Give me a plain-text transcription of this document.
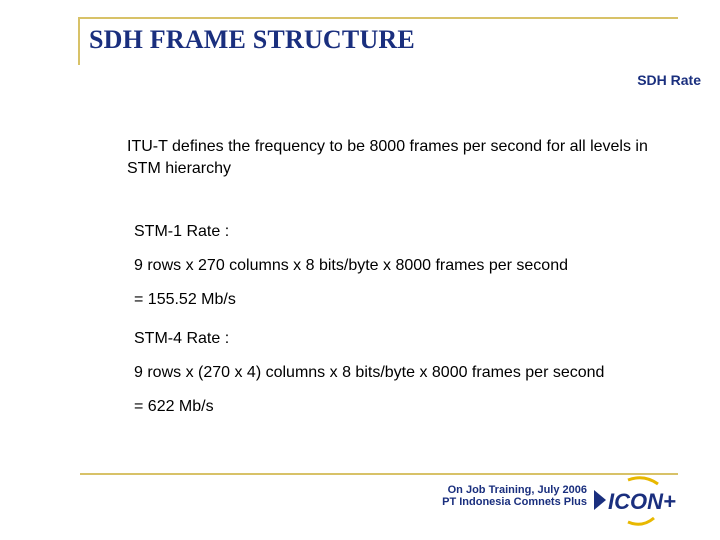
SDH FRAME STRUCTURE
SDH Rate
ITU-T defines the frequency to be 8000 frames per second for all levels in STM hierarchy
STM-1 Rate :
9 rows x 270 columns x 8 bits/byte x 8000 frames per second
= 155.52 Mb/s
STM-4 Rate :
9 rows x (270 x 4) columns x 8 bits/byte x 8000 frames per second
= 622 Mb/s
On Job Training, July 2006
PT Indonesia Comnets Plus ICON+
